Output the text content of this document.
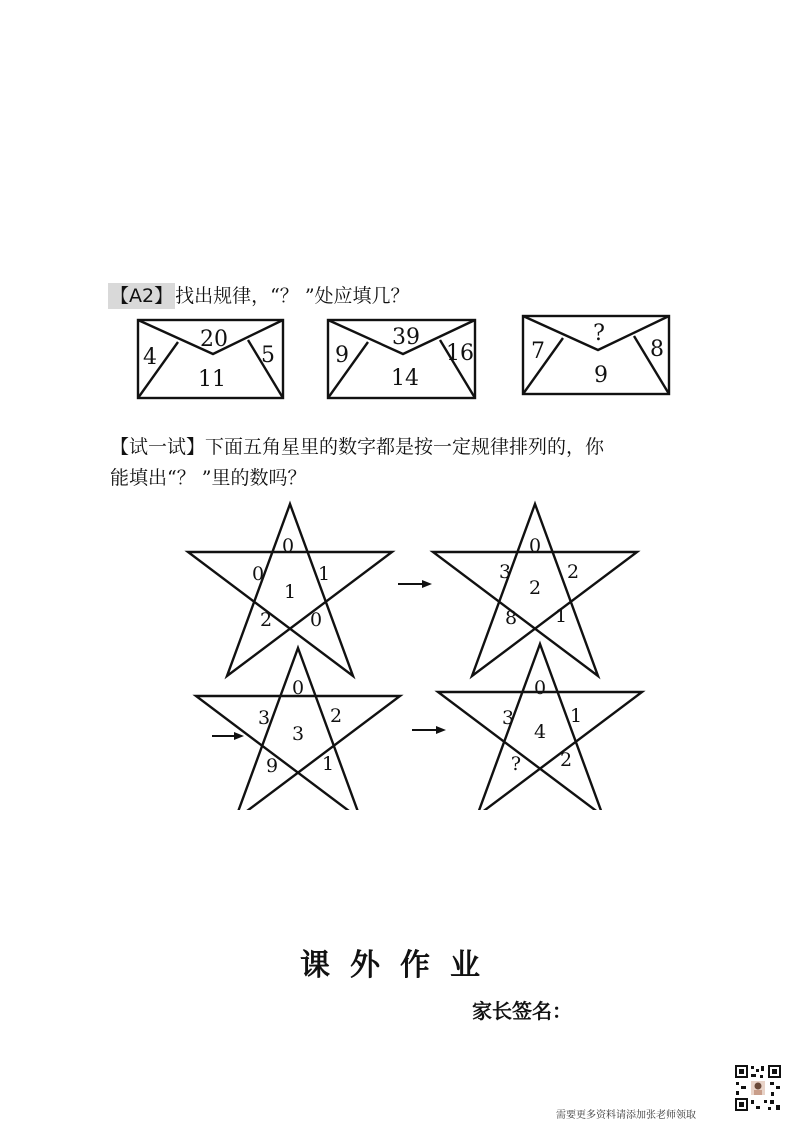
【A2】 找出规律，“？ ”处应填几？
20
4	5
11
39
9	16
14
?
7	8
9
【试一试】下面五角星里的数字都是按一定规律排列的，你
能填出“？ ”里的数吗？
0
0	1
1
2 0
0
3	2
2
8 1
0
3	2
3
9 1
0
3	1
4
? 2
课外作业
家长签名：
需要更多资料请添加张老师领取
